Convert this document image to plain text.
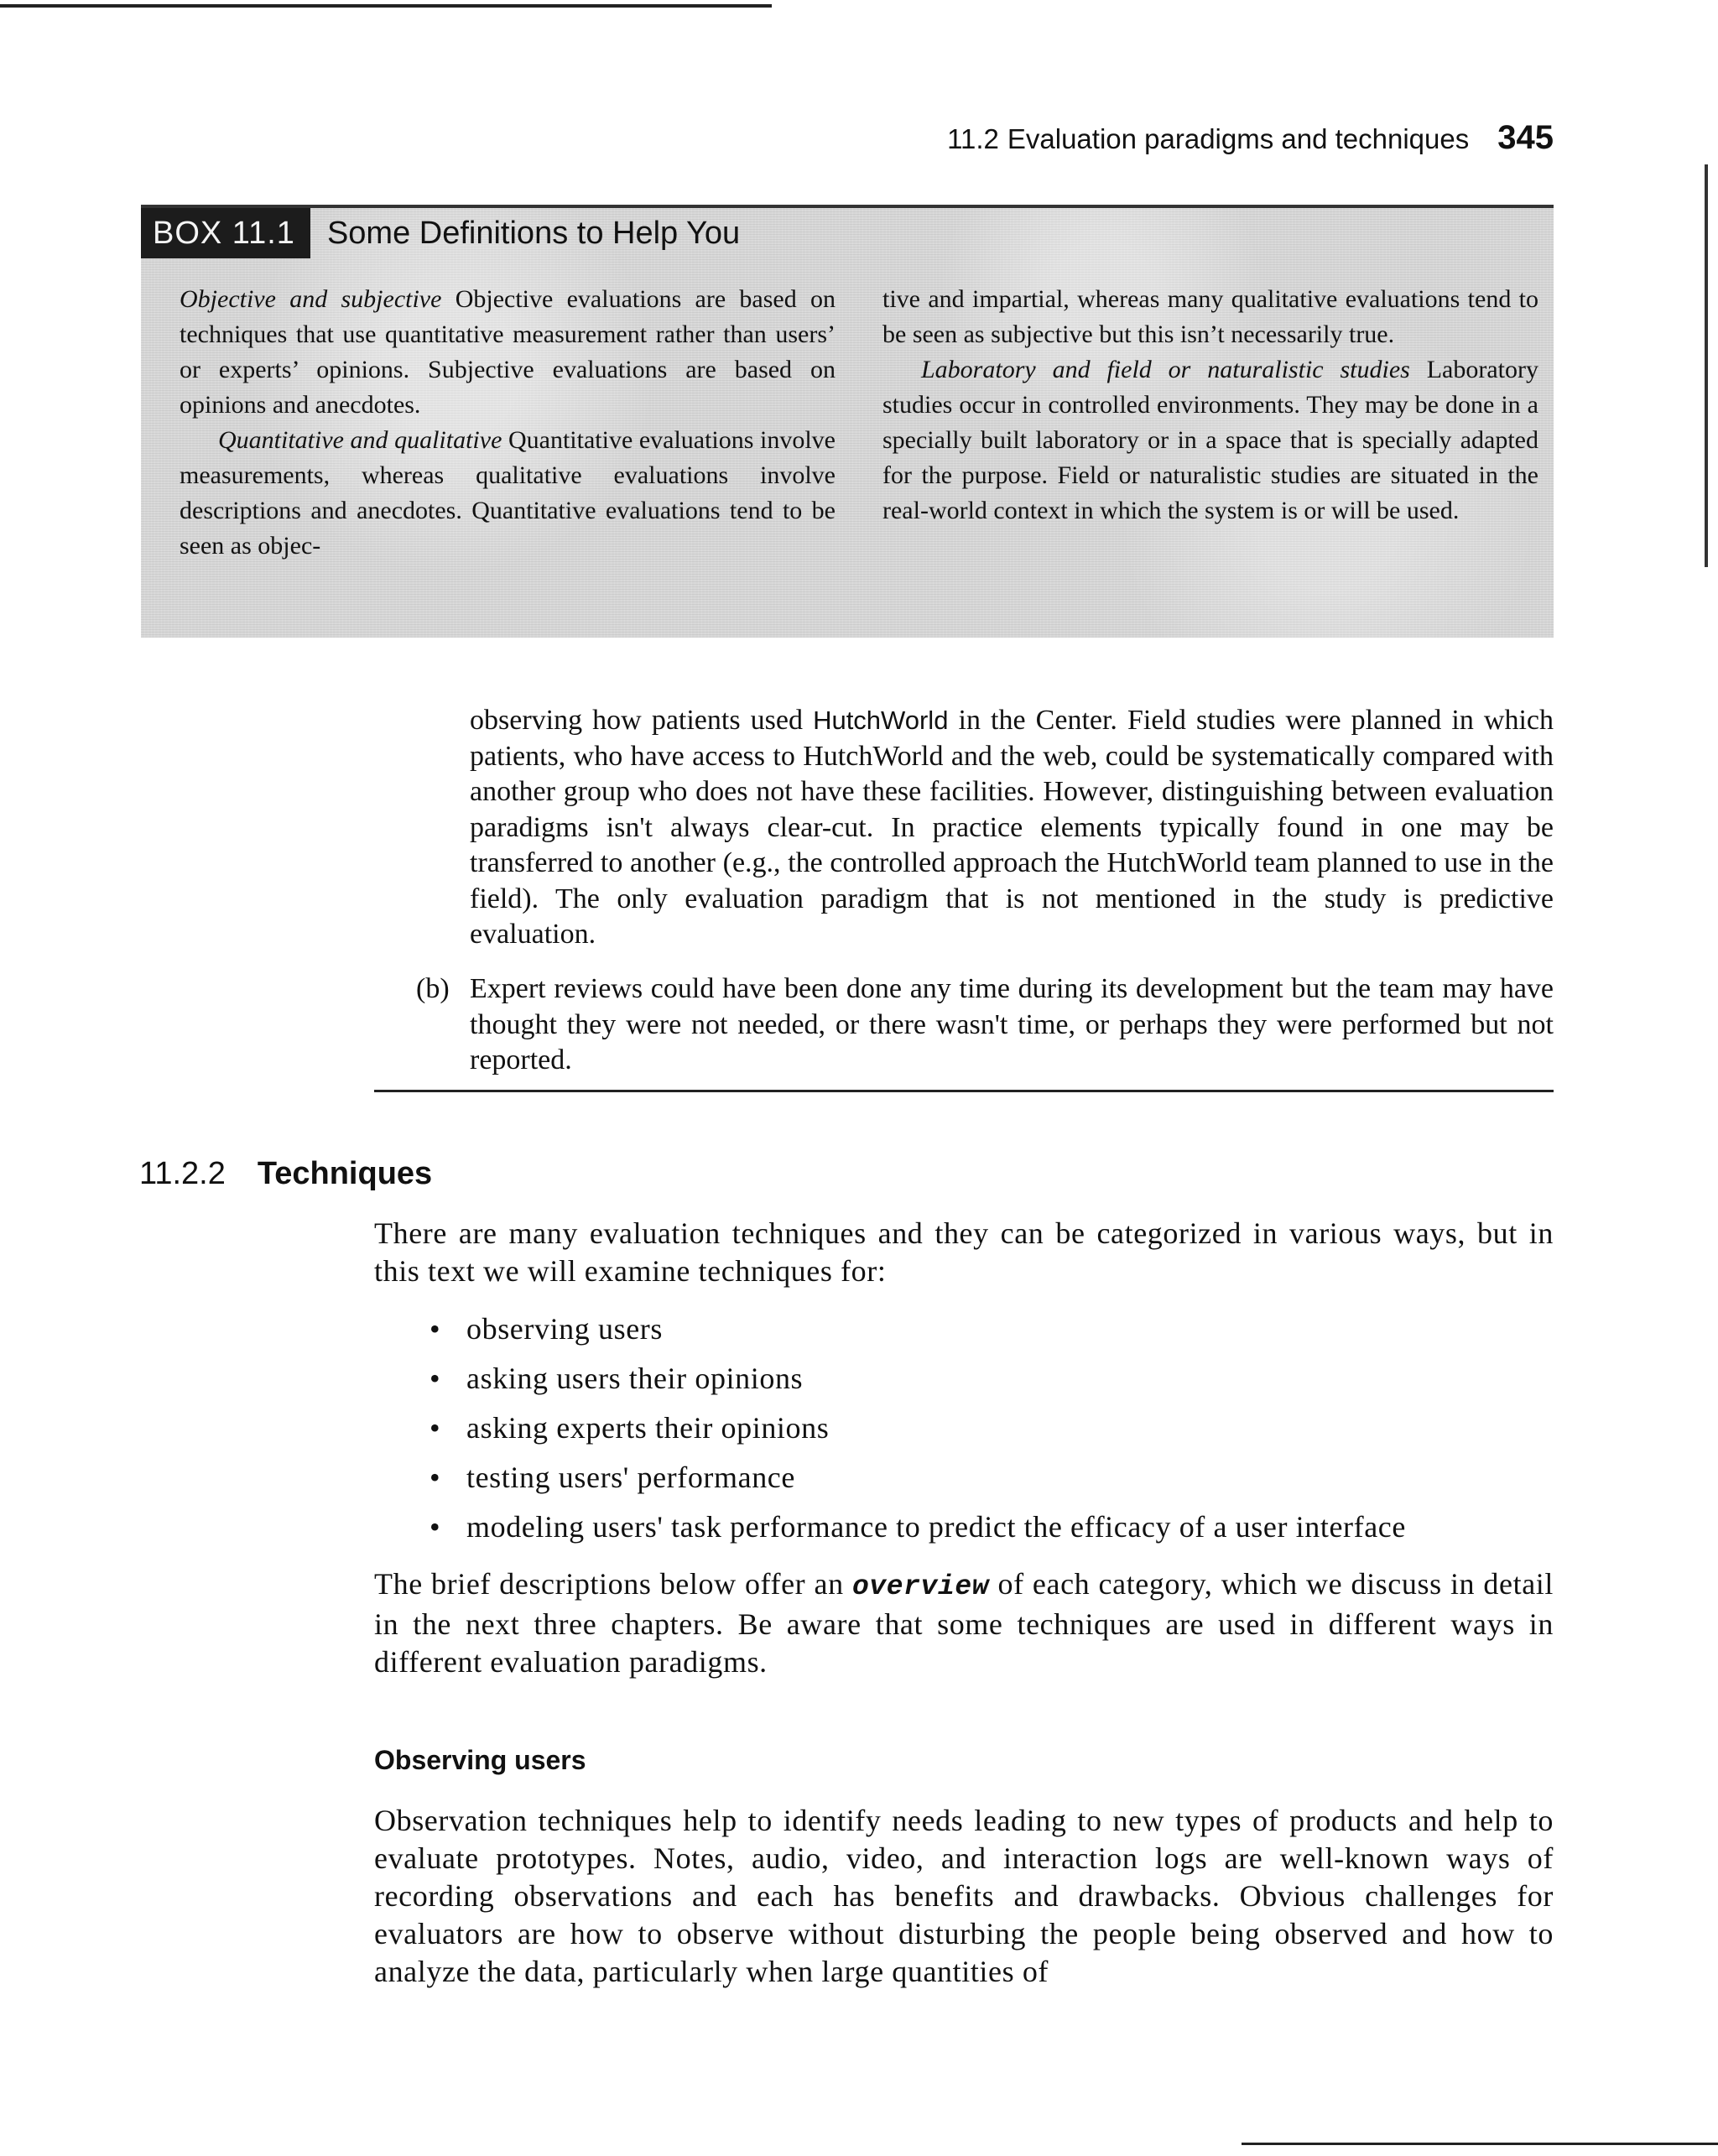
11.2 Evaluation paradigms and techniques 345
BOX 11.1	Some Definitions to Help You

Objective and subjective Objective evaluations are based on techniques that use quantitative measurement rather than users’ or experts’ opinions. Subjective evaluations are based on opinions and anecdotes.

Quantitative and qualitative Quantitative evaluations involve measurements, whereas qualitative evaluations involve descriptions and anecdotes. Quantitative evaluations tend to be seen as objec-

tive and impartial, whereas many qualitative evaluations tend to be seen as subjective but this isn’t necessarily true.

Laboratory and field or naturalistic studies Laboratory studies occur in controlled environments. They may be done in a specially built laboratory or in a space that is specially adapted for the purpose. Field or naturalistic studies are situated in the real-world context in which the system is or will be used.

observing how patients used HutchWorld in the Center. Field studies were planned in which patients, who have access to HutchWorld and the web, could be systematically compared with another group who does not have these facilities. However, distinguishing between evaluation paradigms isn't always clear-cut. In practice elements typically found in one may be transferred to another (e.g., the controlled approach the HutchWorld team planned to use in the field). The only evaluation paradigm that is not mentioned in the study is predictive evaluation.

(b) Expert reviews could have been done any time during its development but the team may have thought they were not needed, or there wasn't time, or perhaps they were performed but not reported.
11.2.2 Techniques

There are many evaluation techniques and they can be categorized in various ways, but in this text we will examine techniques for:

• observing users
• asking users their opinions
• asking experts their opinions
• testing users' performance
• modeling users' task performance to predict the efficacy of a user interface

The brief descriptions below offer an overview of each category, which we discuss in detail in the next three chapters. Be aware that some techniques are used in different ways in different evaluation paradigms.

Observing users

Observation techniques help to identify needs leading to new types of products and help to evaluate prototypes. Notes, audio, video, and interaction logs are well-known ways of recording observations and each has benefits and drawbacks. Obvious challenges for evaluators are how to observe without disturbing the people being observed and how to analyze the data, particularly when large quantities of
